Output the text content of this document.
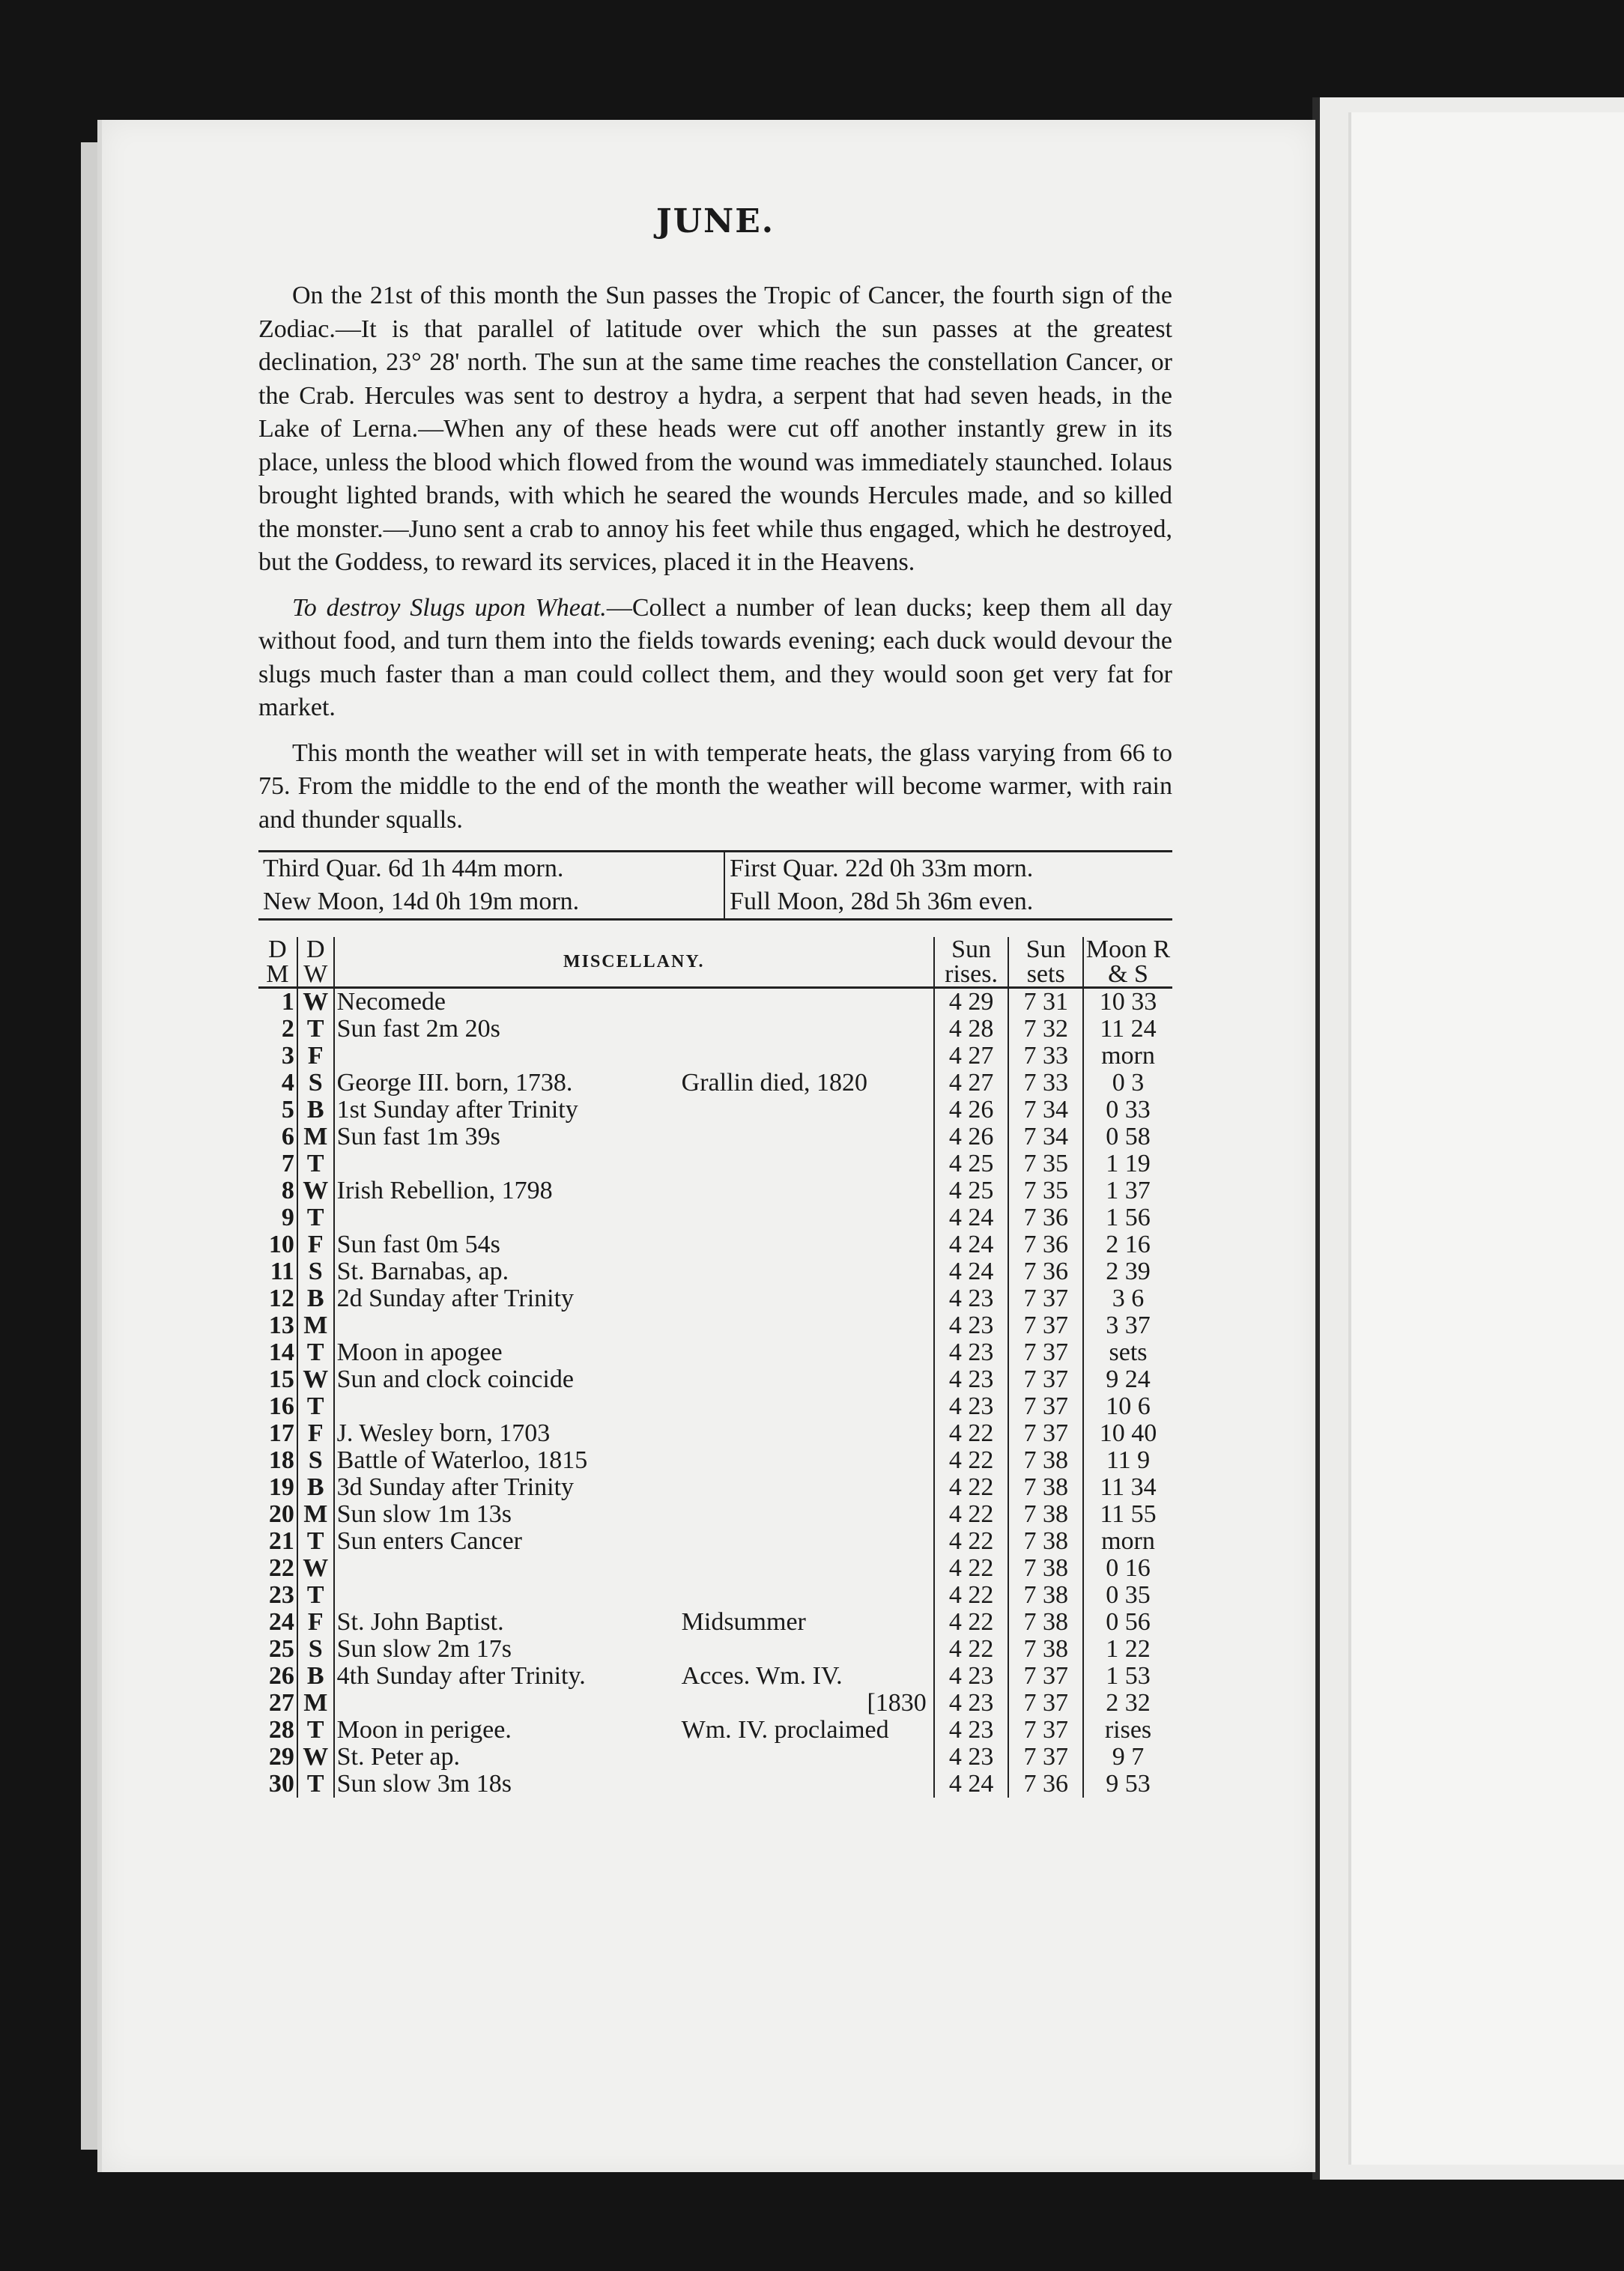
JUNE.

On the 21st of this month the Sun passes the Tropic of Cancer, the fourth sign of the Zodiac.—It is that parallel of latitude over which the sun passes at the greatest declination, 23° 28' north. The sun at the same time reaches the constellation Cancer, or the Crab. Hercules was sent to destroy a hydra, a serpent that had seven heads, in the Lake of Lerna.—When any of these heads were cut off another instantly grew in its place, unless the blood which flowed from the wound was immediately staunched. Iolaus brought lighted brands, with which he seared the wounds Hercules made, and so killed the monster.—Juno sent a crab to annoy his feet while thus engaged, which he destroyed, but the Goddess, to reward its services, placed it in the Heavens.

To destroy Slugs upon Wheat.—Collect a number of lean ducks; keep them all day without food, and turn them into the fields towards evening; each duck would devour the slugs much faster than a man could collect them, and they would soon get very fat for market.

This month the weather will set in with temperate heats, the glass varying from 66 to 75. From the middle to the end of the month the weather will become warmer, with rain and thunder squalls.

Third Quar. 6d 1h 44m morn.	First Quar. 22d 0h 33m morn.
New Moon, 14d 0h 19m morn.	Full Moon, 28d 5h 36m even.
D M	D W	MISCELLANY.	Sun rises.	Sun sets	Moon R & S
1	W	Necomede	4 29	7 31	10 33
2	T	Sun fast 2m 20s	4 28	7 32	11 24
3	F		4 27	7 33	morn
4	S	George III. born, 1738. Grallin died, 1820	4 27	7 33	0 3
5	B	1st Sunday after Trinity	4 26	7 34	0 33
6	M	Sun fast 1m 39s	4 26	7 34	0 58
7	T		4 25	7 35	1 19
8	W	Irish Rebellion, 1798	4 25	7 35	1 37
9	T		4 24	7 36	1 56
10	F	Sun fast 0m 54s	4 24	7 36	2 16
11	S	St. Barnabas, ap.	4 24	7 36	2 39
12	B	2d Sunday after Trinity	4 23	7 37	3 6
13	M		4 23	7 37	3 37
14	T	Moon in apogee	4 23	7 37	sets
15	W	Sun and clock coincide	4 23	7 37	9 24
16	T		4 23	7 37	10 6
17	F	J. Wesley born, 1703	4 22	7 37	10 40
18	S	Battle of Waterloo, 1815	4 22	7 38	11 9
19	B	3d Sunday after Trinity	4 22	7 38	11 34
20	M	Sun slow 1m 13s	4 22	7 38	11 55
21	T	Sun enters Cancer	4 22	7 38	morn
22	W		4 22	7 38	0 16
23	T		4 22	7 38	0 35
24	F	St. John Baptist. Midsummer	4 22	7 38	0 56
25	S	Sun slow 2m 17s	4 22	7 38	1 22
26	B	4th Sunday after Trinity. Acces. Wm. IV.	4 23	7 37	1 53
27	M	[1830	4 23	7 37	2 32
28	T	Moon in perigee. Wm. IV. proclaimed	4 23	7 37	rises
29	W	St. Peter ap.	4 23	7 37	9 7
30	T	Sun slow 3m 18s	4 24	7 36	9 53
